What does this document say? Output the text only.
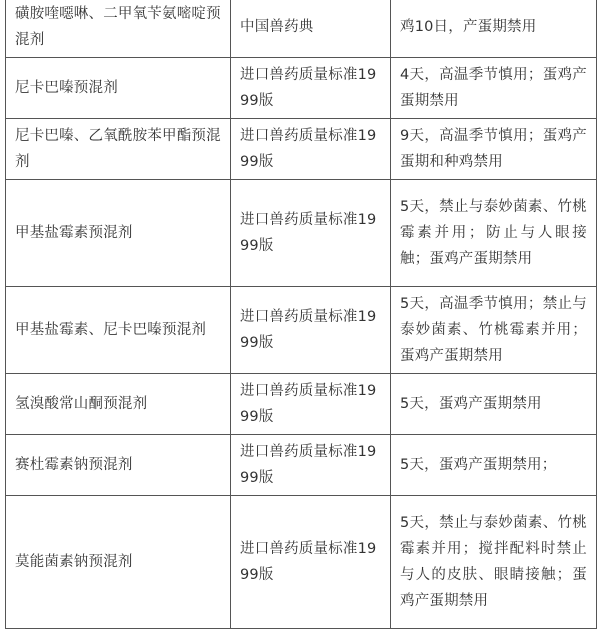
磺胺喹噁啉、二甲氧苄氨嘧啶预混剂	中国兽药典	鸡10日，产蛋期禁用
尼卡巴嗪预混剂	进口兽药质量标准1999版	4天，高温季节慎用；蛋鸡产蛋期禁用
尼卡巴嗪、乙氧酰胺苯甲酯预混剂	进口兽药质量标准1999版	9天，高温季节慎用；蛋鸡产蛋期和种鸡禁用
甲基盐霉素预混剂	进口兽药质量标准1999版	5天，禁止与泰妙菌素、竹桃霉素并用；防止与人眼接触；蛋鸡产蛋期禁用
甲基盐霉素、尼卡巴嗪预混剂	进口兽药质量标准1999版	5天，高温季节慎用；禁止与泰妙菌素、竹桃霉素并用；蛋鸡产蛋期禁用
氢溴酸常山酮预混剂	进口兽药质量标准1999版	5天，蛋鸡产蛋期禁用
赛杜霉素钠预混剂	进口兽药质量标准1999版	5天，蛋鸡产蛋期禁用；
莫能菌素钠预混剂	进口兽药质量标准1999版	5天，禁止与泰妙菌素、竹桃霉素并用；搅拌配料时禁止与人的皮肤、眼睛接触；蛋鸡产蛋期禁用
